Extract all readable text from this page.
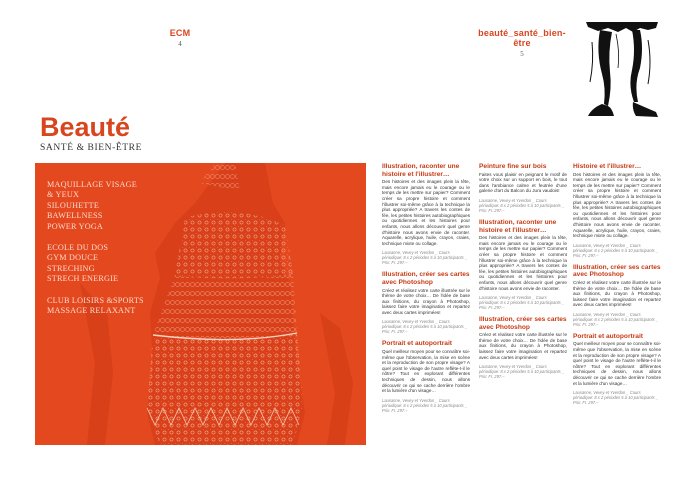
ECM
4
beauté_santé_bien-être
5
Beauté
SANTÉ & BIEN-ÊTRE
MAQUILLAGE VISAGE
& YEUX
SILOUHETTE
BAWELLNESS
POWER YOGA
ECOLE DU DOS
GYM DOUCE
STRECHING
STRECH ENERGIE
CLUB LOISIRS &SPORTS
MASSAGE RELAXANT
Illustration, raconter une histoire et l'illustrer…
Des histoires et des images plein la tête, mais encore jamais eu le courage ou le temps de les mettre sur papier? Comment créer sa propre histoire et comment l'illustrer soi-même grâce à la technique la plus appropriée? A travers les contes de fée, les petites histoires autobiographiques ou quotidiennes et les histoires pour enfants, nous allons découvrir quel genre d'histoire nous avons envie de raconter. Aquarelle, acrylique, huile, crayon, craies, technique mixte ou collage.
Lausanne, Vevey et Yverdon _ Cours périodique: 8 x 2 périodes 5 à 10 participants _ Prix: Fr. 297.–
Illustration, créer ses cartes avec Photoshop
Créez et réalisez votre carte illustrée sur le thème de votre choix… De l'idée de base aux finitions, du crayon à Photoshop, laissez faire votre imagination et repartez avec deux cartes imprimées!
Lausanne, Vevey et Yverdon _ Cours périodique: 8 x 2 périodes 5 à 10 participants _ Prix: Fr. 297.–
Portrait et autoportrait
Quel meilleur moyen pour se connaître soi-même que l'observation, la mise en scène et la reproduction de son propre visage? A quel point le visage de l'autre reflète-t-il le nôtre? Tout en explorant différentes techniques de dessin, nous allons découvrir ce qui se cache derrière l'ombre et la lumière d'un visage…
Lausanne, Vevey et Yverdon _ Cours périodique: 8 x 2 périodes 5 à 10 participants _ Prix: Fr. 297.–
Peinture fine sur bois
Faites vous plaisir en peignant le motif de votre choix sur un support en bois, le tout dans l'ambiance calme et feutrée d'une galerie d'art du Balcon du Jura vaudois!
Lausanne, Vevey et Yverdon _ Cours périodique: 8 x 2 périodes 5 à 10 participants _ Prix: Fr. 297.–
Illustration, raconter une histoire et l'illustrer…
Des histoires et des images plein la tête, mais encore jamais eu le courage ou le temps de les mettre sur papier? Comment créer sa propre histoire et comment l'illustrer soi-même grâce à la technique la plus appropriée? A travers les contes de fée, les petites histoires autobiographiques ou quotidiennes et les histoires pour enfants, nous allons découvrir quel genre d'histoire nous avons envie de raconter.
Lausanne, Vevey et Yverdon _ Cours périodique: 8 x 2 périodes 5 à 10 participants _ Prix: Fr. 297.–
Illustration, créer ses cartes avec Photoshop
Créez et réalisez votre carte illustrée sur le thème de votre choix… De l'idée de base aux finitions, du crayon à Photoshop, laissez faire votre imagination et repartez avec deux cartes imprimées!
Lausanne, Vevey et Yverdon _ Cours périodique: 8 x 2 périodes 5 à 10 participants _ Prix: Fr. 297.–
Histoire et l'illustrer…
Des histoires et des images plein la tête, mais encore jamais eu le courage ou le temps de les mettre sur papier? Comment créer sa propre histoire et comment l'illustrer soi-même grâce à la technique la plus appropriée? A travers les contes de fée, les petites histoires autobiographiques ou quotidiennes et les histoires pour enfants, nous allons découvrir quel genre d'histoire nous avons envie de raconter. Aquarelle, acrylique, huile, crayon, craies, technique mixte ou collage.
Lausanne, Vevey et Yverdon _ Cours périodique: 8 x 2 périodes 5 à 10 participants _ Prix: Fr. 297.–
Illustration, créer ses cartes avec Photoshop
Créez et réalisez votre carte illustrée sur le thème de votre choix… De l'idée de base aux finitions, du crayon à Photoshop, laissez faire votre imagination et repartez avec deux cartes imprimées!
Lausanne, Vevey et Yverdon _ Cours périodique: 8 x 2 périodes 5 à 10 participants _ Prix: Fr. 297.–
Portrait et autoportrait
Quel meilleur moyen pour se connaître soi-même que l'observation, la mise en scène et la reproduction de son propre visage? A quel point le visage de l'autre reflète-t-il le nôtre? Tout en explorant différentes techniques de dessin, nous allons découvrir ce qui se cache derrière l'ombre et la lumière d'un visage…
Lausanne, Vevey et Yverdon _ Cours périodique: 8 x 2 périodes 5 à 10 participants _ Prix: Fr. 297.–
